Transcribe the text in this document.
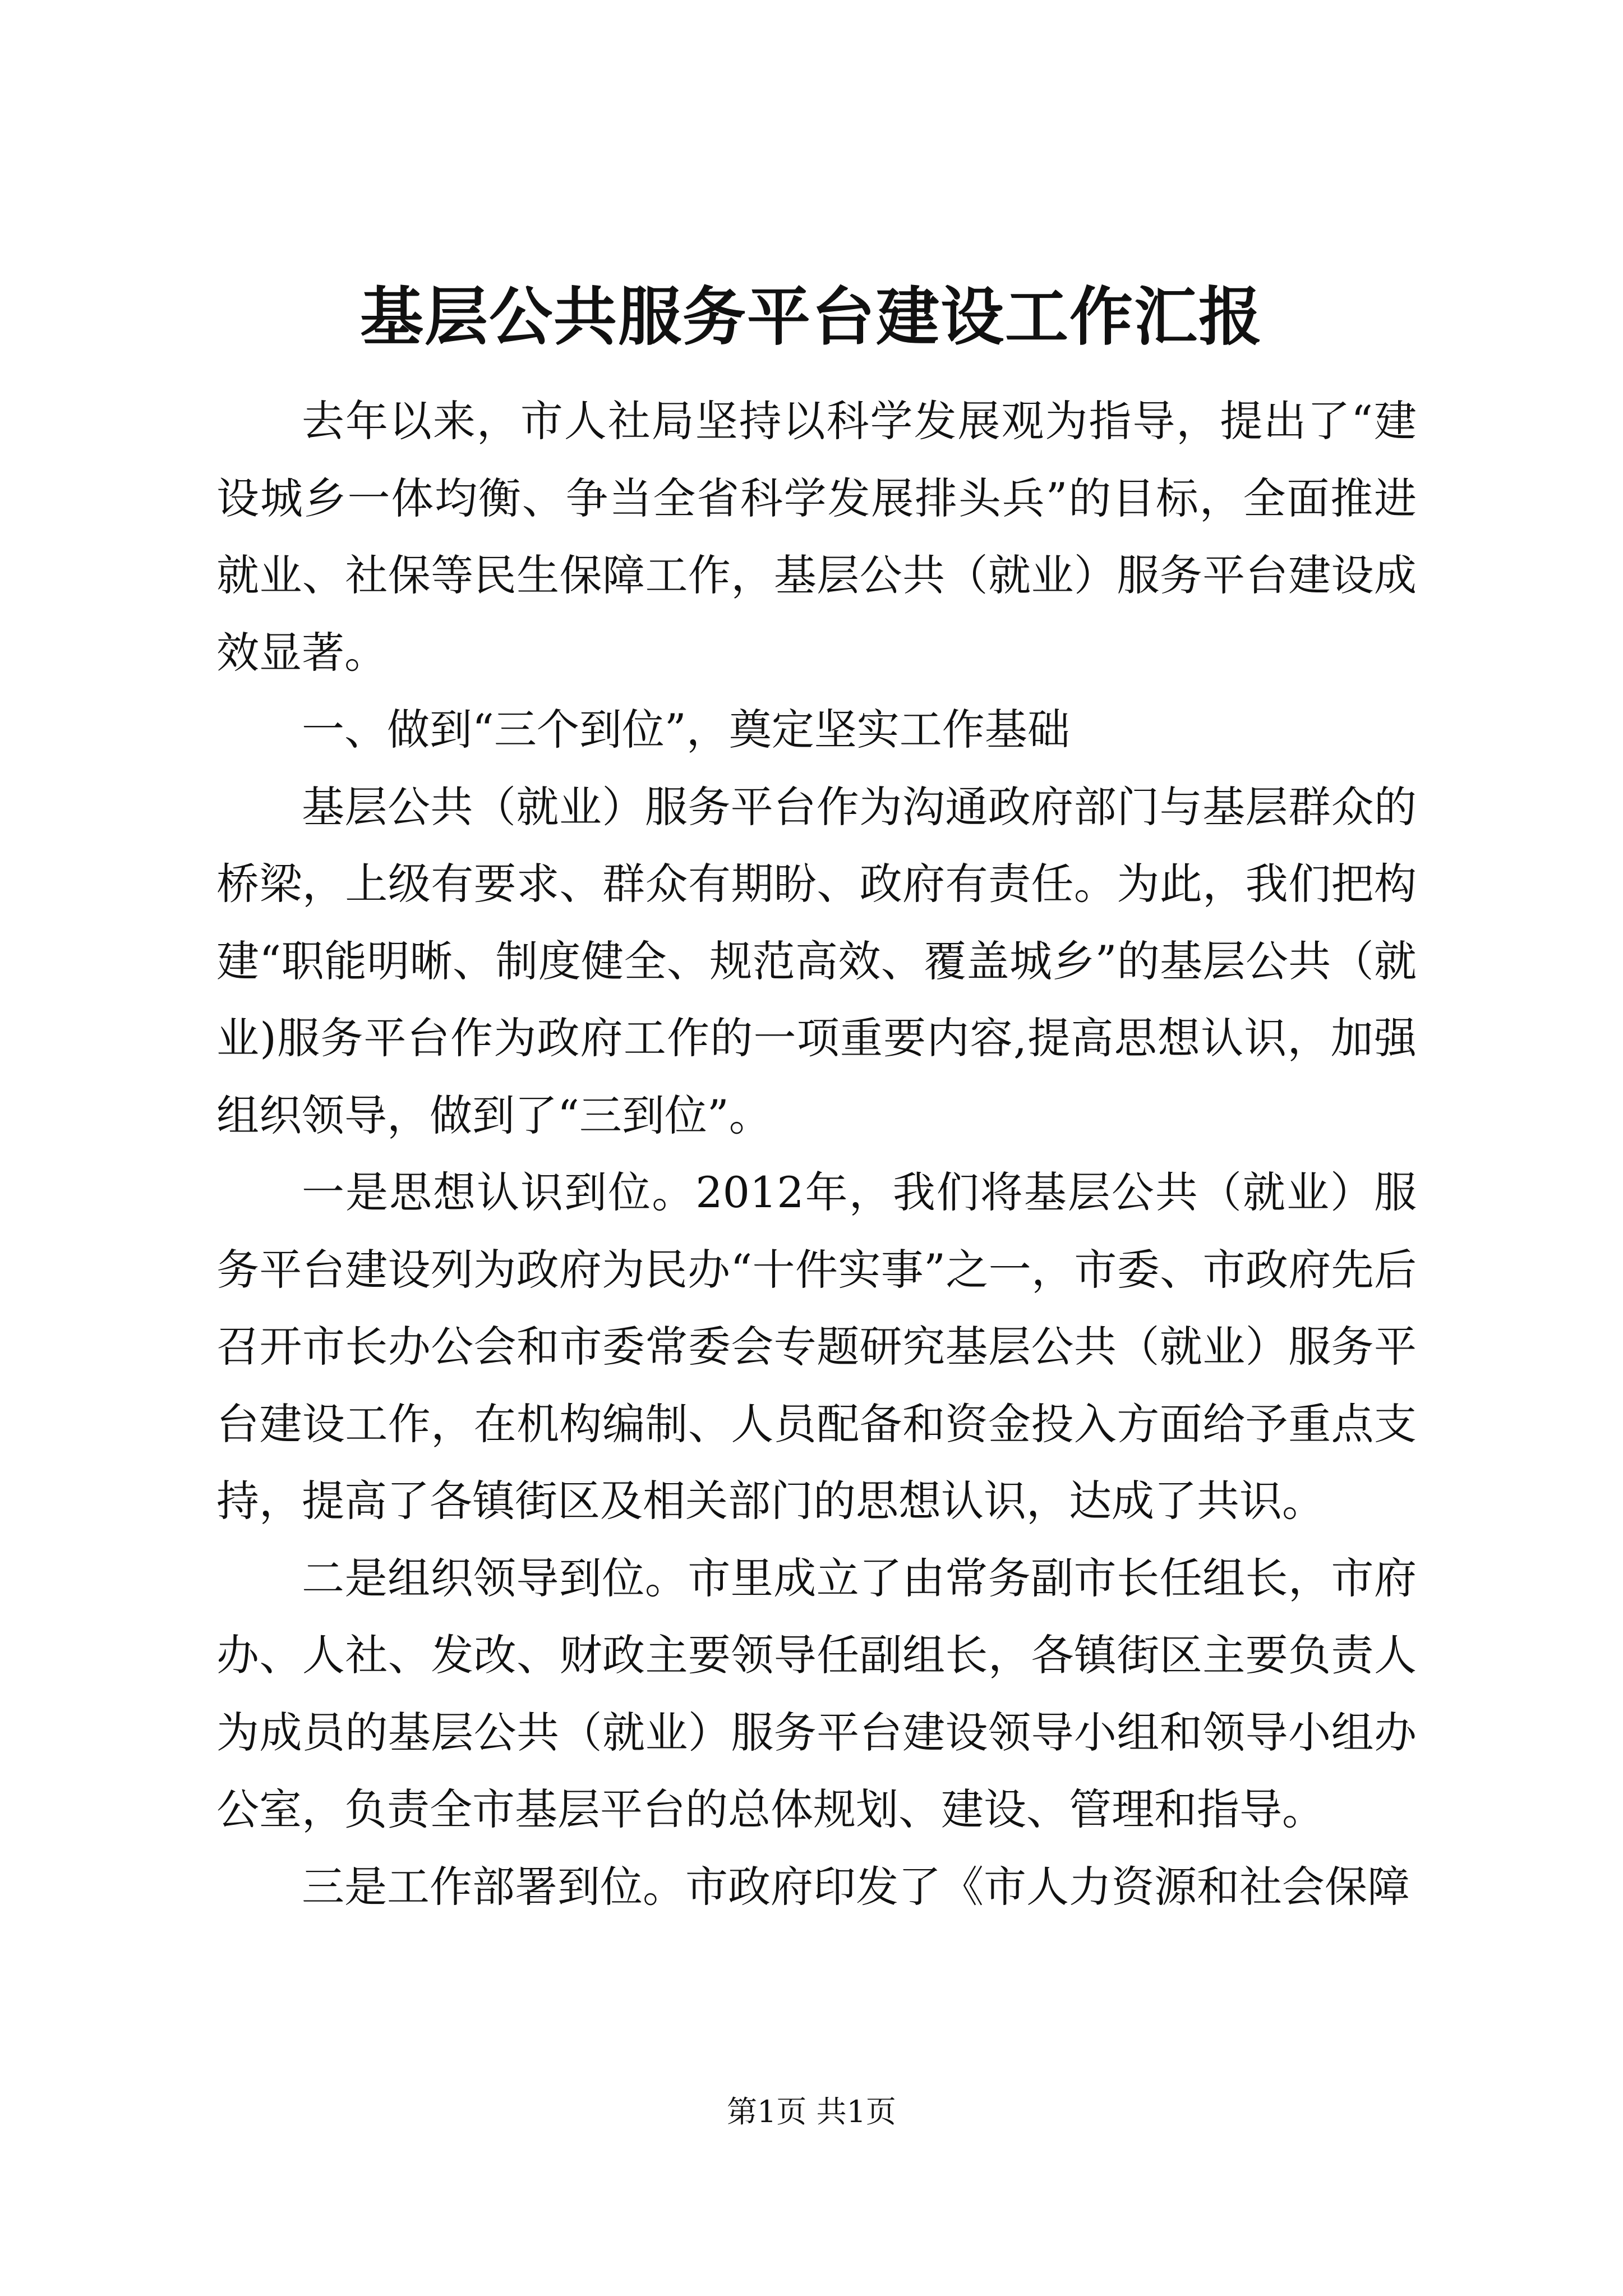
基层公共服务平台建设工作汇报

去年以来，市人社局坚持以科学发展观为指导，提出了“建设城乡一体均衡、争当全省科学发展排头兵”的目标，全面推进就业、社保等民生保障工作，基层公共（就业）服务平台建设成效显著。

一、做到“三个到位”，奠定坚实工作基础

基层公共（就业）服务平台作为沟通政府部门与基层群众的桥梁，上级有要求、群众有期盼、政府有责任。为此，我们把构建“职能明晰、制度健全、规范高效、覆盖城乡”的基层公共（就业)服务平台作为政府工作的一项重要内容,提高思想认识，加强组织领导，做到了“三到位”。

一是思想认识到位。2012年，我们将基层公共（就业）服务平台建设列为政府为民办“十件实事”之一，市委、市政府先后召开市长办公会和市委常委会专题研究基层公共（就业）服务平台建设工作，在机构编制、人员配备和资金投入方面给予重点支持，提高了各镇街区及相关部门的思想认识，达成了共识。

二是组织领导到位。市里成立了由常务副市长任组长，市府办、人社、发改、财政主要领导任副组长，各镇街区主要负责人为成员的基层公共（就业）服务平台建设领导小组和领导小组办公室，负责全市基层平台的总体规划、建设、管理和指导。

三是工作部署到位。市政府印发了《市人力资源和社会保障

第1页 共1页
